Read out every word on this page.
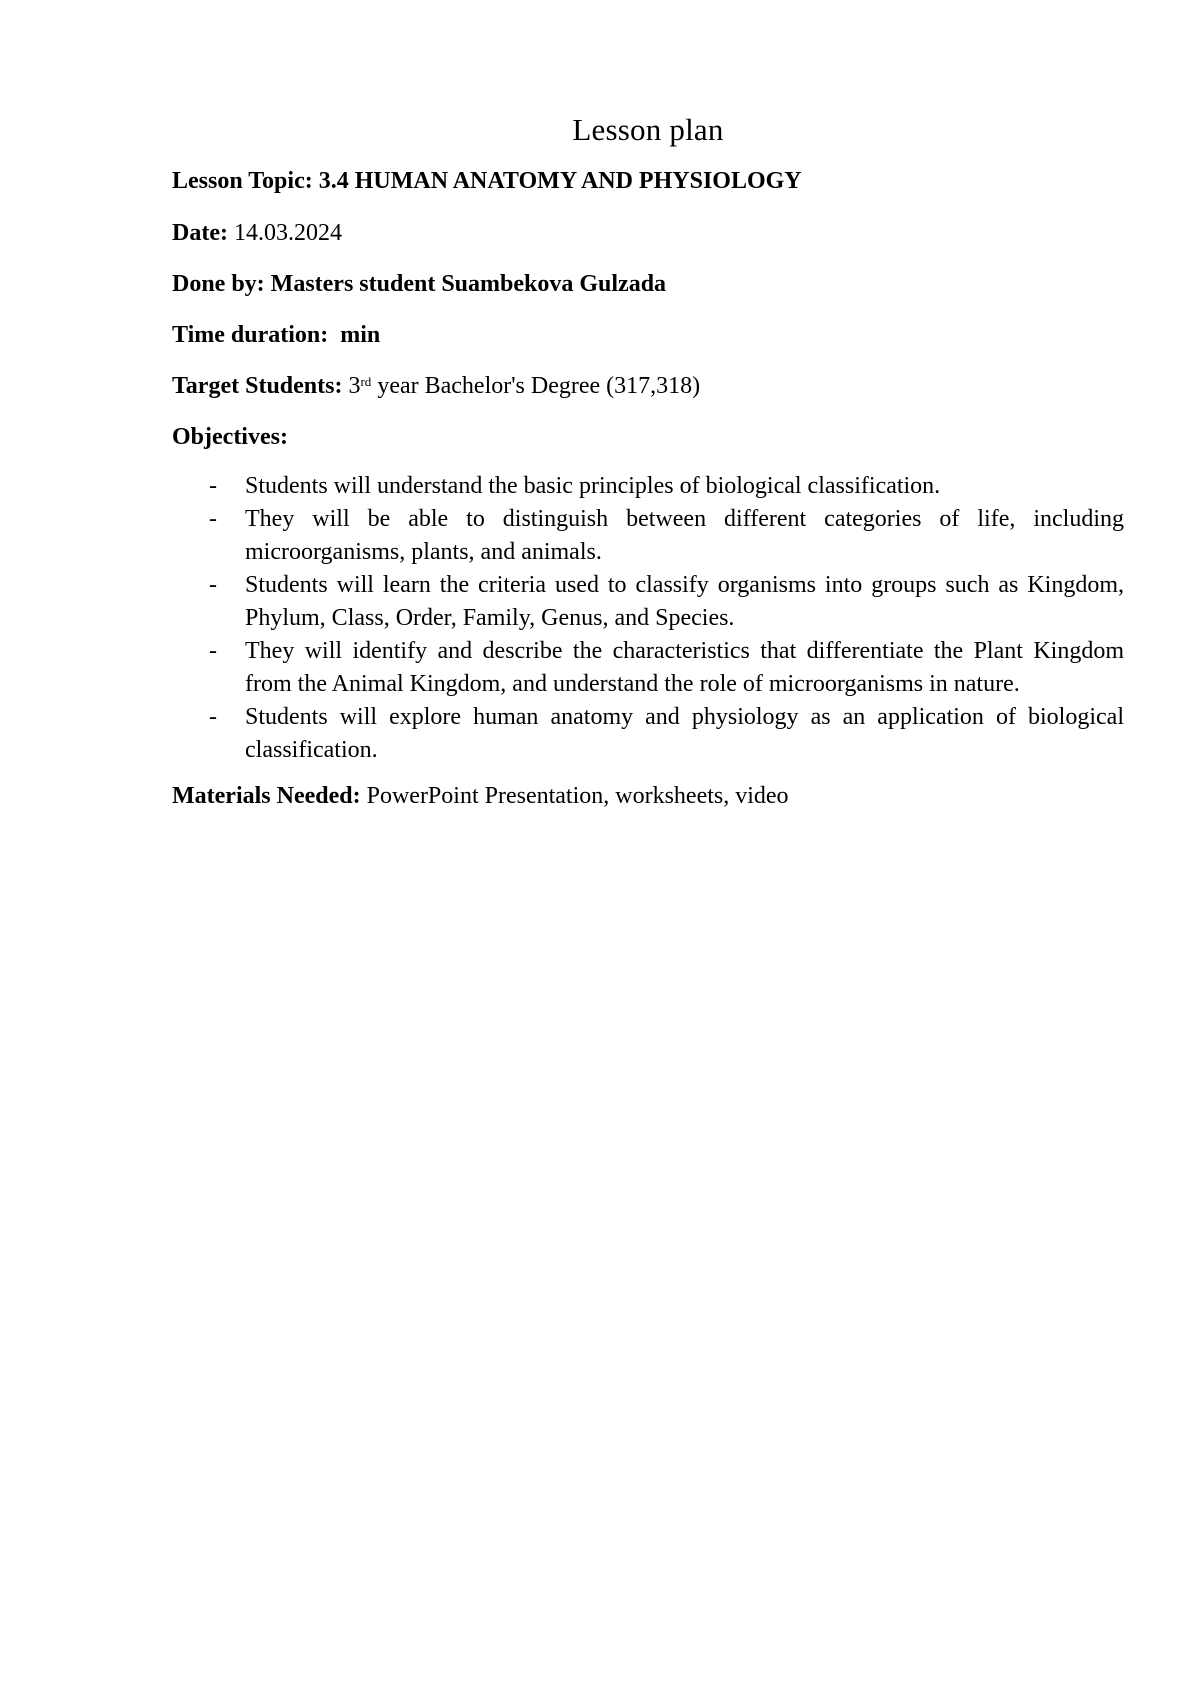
Lesson plan
Lesson Topic: 3.4 HUMAN ANATOMY AND PHYSIOLOGY
Date: 14.03.2024
Done by: Masters student Suambekova Gulzada
Time duration:  min
Target Students: 3rd year Bachelor's Degree (317,318)
Objectives:
- Students will understand the basic principles of biological classification.
- They will be able to distinguish between different categories of life, including microorganisms, plants, and animals.
- Students will learn the criteria used to classify organisms into groups such as Kingdom, Phylum, Class, Order, Family, Genus, and Species.
- They will identify and describe the characteristics that differentiate the Plant Kingdom from the Animal Kingdom, and understand the role of microorganisms in nature.
- Students will explore human anatomy and physiology as an application of biological classification.
Materials Needed: PowerPoint Presentation, worksheets, video
